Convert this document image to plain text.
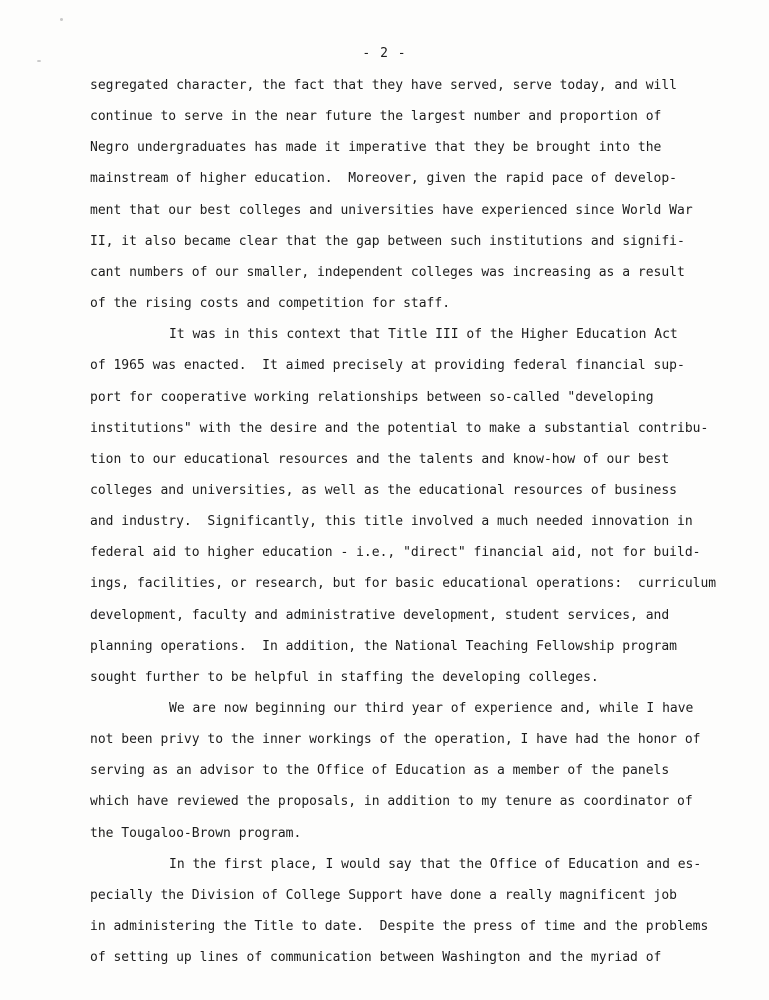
- 2 -
segregated character, the fact that they have served, serve today, and will
continue to serve in the near future the largest number and proportion of
Negro undergraduates has made it imperative that they be brought into the
mainstream of higher education.  Moreover, given the rapid pace of develop-
ment that our best colleges and universities have experienced since World War
II, it also became clear that the gap between such institutions and signifi-
cant numbers of our smaller, independent colleges was increasing as a result
of the rising costs and competition for staff.
It was in this context that Title III of the Higher Education Act
of 1965 was enacted.  It aimed precisely at providing federal financial sup-
port for cooperative working relationships between so-called "developing
institutions" with the desire and the potential to make a substantial contribu-
tion to our educational resources and the talents and know-how of our best
colleges and universities, as well as the educational resources of business
and industry.  Significantly, this title involved a much needed innovation in
federal aid to higher education - i.e., "direct" financial aid, not for build-
ings, facilities, or research, but for basic educational operations:  curriculum
development, faculty and administrative development, student services, and
planning operations.  In addition, the National Teaching Fellowship program
sought further to be helpful in staffing the developing colleges.
We are now beginning our third year of experience and, while I have
not been privy to the inner workings of the operation, I have had the honor of
serving as an advisor to the Office of Education as a member of the panels
which have reviewed the proposals, in addition to my tenure as coordinator of
the Tougaloo-Brown program.
In the first place, I would say that the Office of Education and es-
pecially the Division of College Support have done a really magnificent job
in administering the Title to date.  Despite the press of time and the problems
of setting up lines of communication between Washington and the myriad of
